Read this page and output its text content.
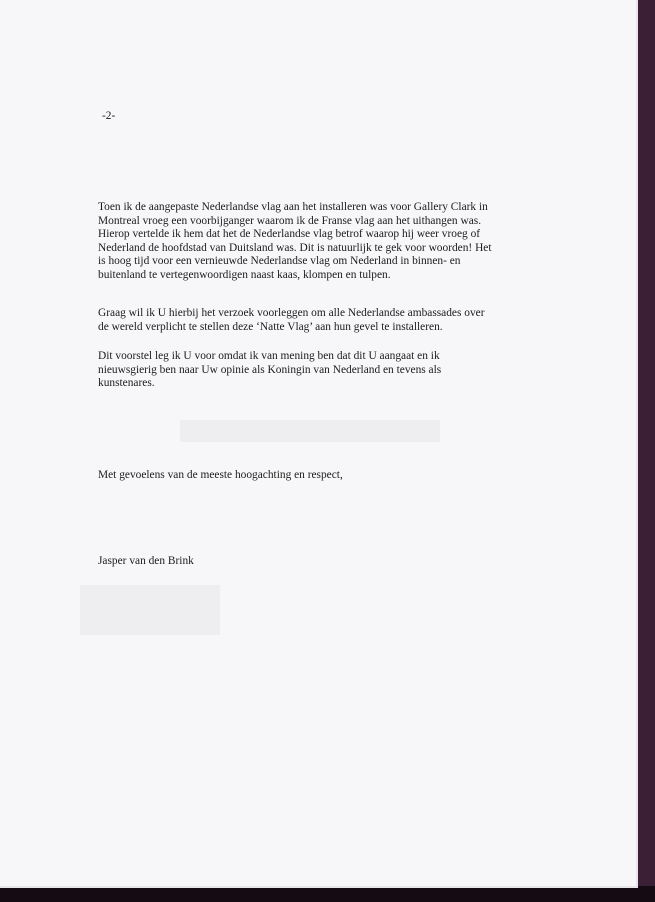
-2-
Toen ik de aangepaste Nederlandse vlag aan het installeren was voor Gallery Clark in
Montreal vroeg een voorbijganger waarom ik de Franse vlag aan het uithangen was.
Hierop vertelde ik hem dat het de Nederlandse vlag betrof waarop hij weer vroeg of
Nederland de hoofdstad van Duitsland was. Dit is natuurlijk te gek voor woorden! Het
is hoog tijd voor een vernieuwde Nederlandse vlag om Nederland in binnen- en
buitenland te vertegenwoordigen naast kaas, klompen en tulpen.
Graag wil ik U hierbij het verzoek voorleggen om alle Nederlandse ambassades over
de wereld verplicht te stellen deze ‘Natte Vlag’ aan hun gevel te installeren.
Dit voorstel leg ik U voor omdat ik van mening ben dat dit U aangaat en ik
nieuwsgierig ben naar Uw opinie als Koningin van Nederland en tevens als
kunstenares.
Met gevoelens van de meeste hoogachting en respect,
Jasper van den Brink
